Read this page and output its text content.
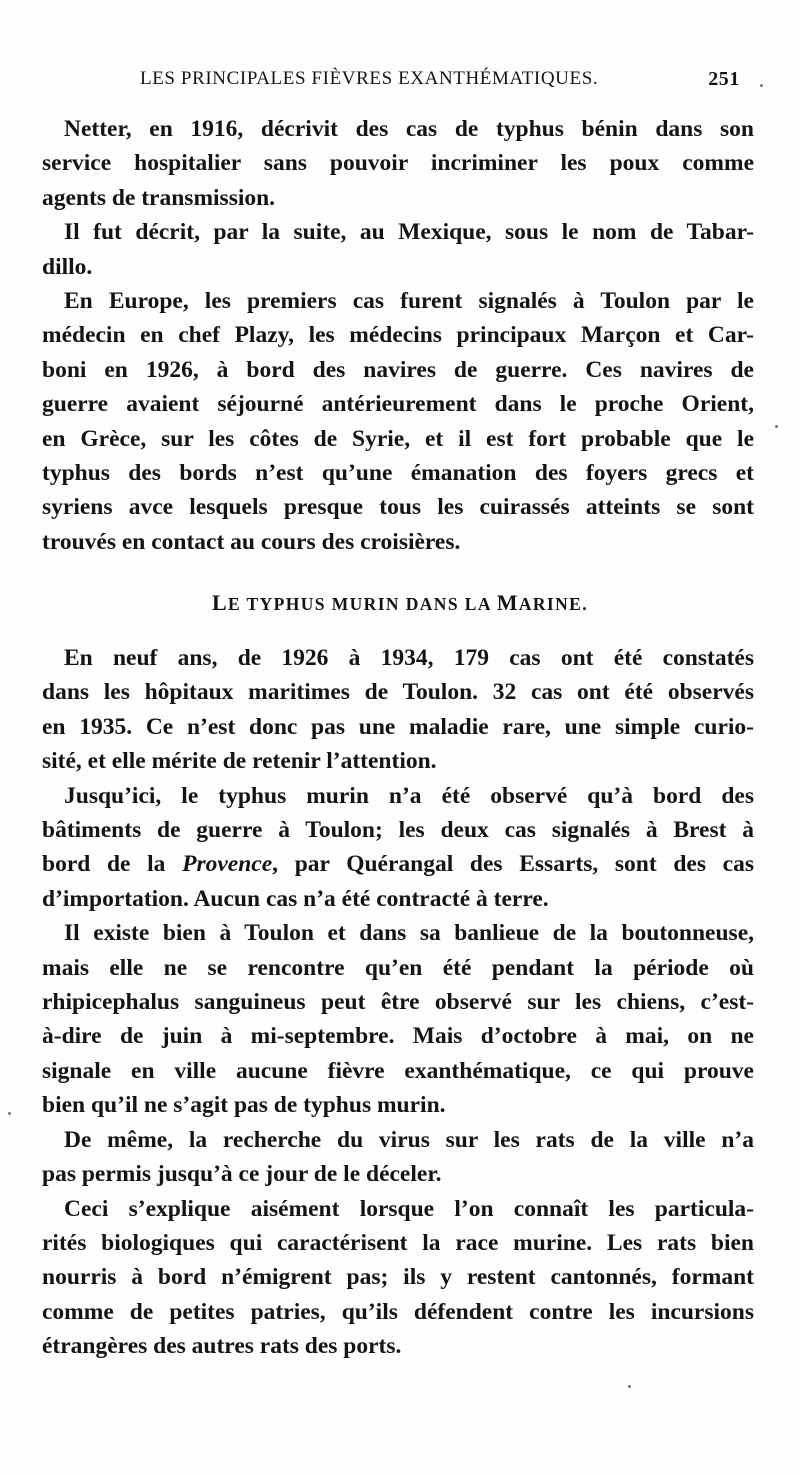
LES PRINCIPALES FIÈVRES EXANTHÉMATIQUES.	251
Netter, en 1916, décrivit des cas de typhus bénin dans son
service hospitalier sans pouvoir incriminer les poux comme
agents de transmission.
Il fut décrit, par la suite, au Mexique, sous le nom de Tabar-
dillo.
En Europe, les premiers cas furent signalés à Toulon par le
médecin en chef Plazy, les médecins principaux Marçon et Car-
boni en 1926, à bord des navires de guerre. Ces navires de
guerre avaient séjourné antérieurement dans le proche Orient,
en Grèce, sur les côtes de Syrie, et il est fort probable que le
typhus des bords n’est qu’une émanation des foyers grecs et
syriens avce lesquels presque tous les cuirassés atteints se sont
trouvés en contact au cours des croisières.
LE TYPHUS MURIN DANS LA MARINE.
En neuf ans, de 1926 à 1934, 179 cas ont été constatés
dans les hôpitaux maritimes de Toulon. 32 cas ont été observés
en 1935. Ce n’est donc pas une maladie rare, une simple curio-
sité, et elle mérite de retenir l’attention.
Jusqu’ici, le typhus murin n’a été observé qu’à bord des
bâtiments de guerre à Toulon; les deux cas signalés à Brest à
bord de la Provence, par Quérangal des Essarts, sont des cas
d’importation. Aucun cas n’a été contracté à terre.
Il existe bien à Toulon et dans sa banlieue de la boutonneuse,
mais elle ne se rencontre qu’en été pendant la période où
rhipicephalus sanguineus peut être observé sur les chiens, c’est-
à-dire de juin à mi-septembre. Mais d’octobre à mai, on ne
signale en ville aucune fièvre exanthématique, ce qui prouve
bien qu’il ne s’agit pas de typhus murin.
De même, la recherche du virus sur les rats de la ville n’a
pas permis jusqu’à ce jour de le déceler.
Ceci s’explique aisément lorsque l’on connaît les particula-
rités biologiques qui caractérisent la race murine. Les rats bien
nourris à bord n’émigrent pas; ils y restent cantonnés, formant
comme de petites patries, qu’ils défendent contre les incursions
étrangères des autres rats des ports.
